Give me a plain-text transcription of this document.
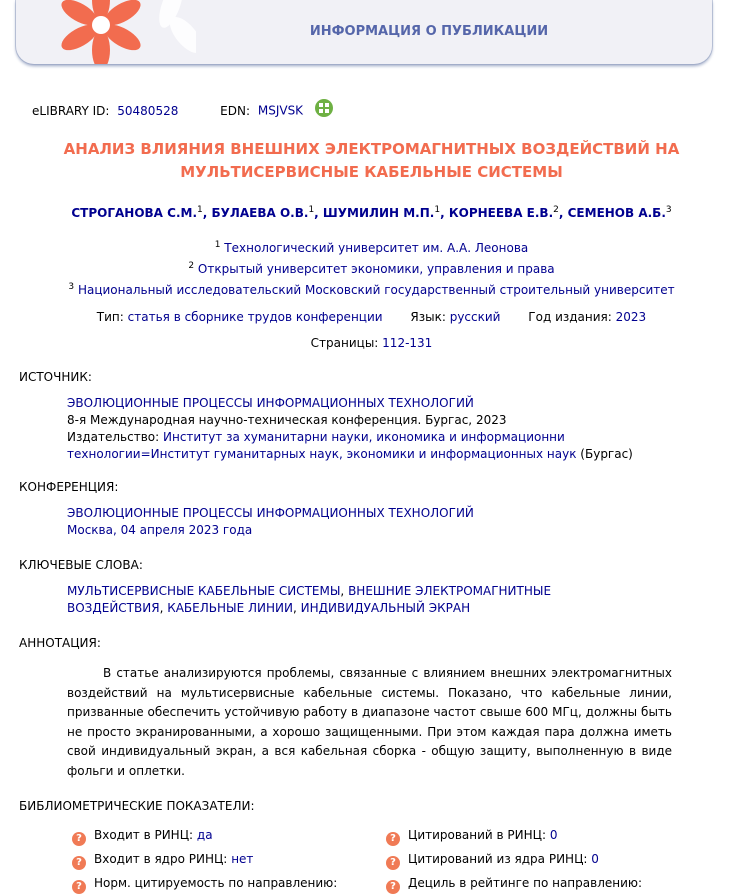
ИНФОРМАЦИЯ О ПУБЛИКАЦИИ
eLIBRARY ID: 50480528	EDN: MSJVSK
АНАЛИЗ ВЛИЯНИЯ ВНЕШНИХ ЭЛЕКТРОМАГНИТНЫХ ВОЗДЕЙСТВИЙ НА
МУЛЬТИСЕРВИСНЫЕ КАБЕЛЬНЫЕ СИСТЕМЫ
СТРОГАНОВА С.М.$^1$, БУЛАЕВА О.В.$^1$, ШУМИЛИН М.П.$^1$, КОРНЕЕВА Е.В.$^2$, СЕМЕНОВ А.Б.$^3$
$^1$ Технологический университет им. А.А. Леонова
$^2$ Открытый университет экономики, управления и права
$^3$ Национальный исследовательский Московский государственный строительный университет
Тип: статья в сборнике трудов конференции Язык: русский Год издания: 2023
Страницы: 112-131
ИСТОЧНИК:
ЭВОЛЮЦИОННЫЕ ПРОЦЕССЫ ИНФОРМАЦИОННЫХ ТЕХНОЛОГИЙ
8-я Международная научно-техническая конференция. Бургас, 2023
Издательство: Институт за хуманитарни науки, икономика и информационни технологии=Институт гуманитарных наук, экономики и информационных наук (Бургас)
КОНФЕРЕНЦИЯ:
ЭВОЛЮЦИОННЫЕ ПРОЦЕССЫ ИНФОРМАЦИОННЫХ ТЕХНОЛОГИЙ
Москва, 04 апреля 2023 года
КЛЮЧЕВЫЕ СЛОВА:
МУЛЬТИСЕРВИСНЫЕ КАБЕЛЬНЫЕ СИСТЕМЫ, ВНЕШНИЕ ЭЛЕКТРОМАГНИТНЫЕ ВОЗДЕЙСТВИЯ, КАБЕЛЬНЫЕ ЛИНИИ, ИНДИВИДУАЛЬНЫЙ ЭКРАН
АННОТАЦИЯ:
В статье анализируются проблемы, связанные с влиянием внешних электромагнитных воздействий на мультисервисные кабельные системы. Показано, что кабельные линии, призванные обеспечить устойчивую работу в диапазоне частот свыше 600 МГц, должны быть не просто экранированными, а хорошо защищенными. При этом каждая пара должна иметь свой индивидуальный экран, а вся кабельная сборка - общую защиту, выполненную в виде фольги и оплетки.
БИБЛИОМЕТРИЧЕСКИЕ ПОКАЗАТЕЛИ:
? Входит в РИНЦ: да
? Входит в ядро РИНЦ: нет
? Норм. цитируемость по направлению:
? Цитирований в РИНЦ: 0
? Цитирований из ядра РИНЦ: 0
? Дециль в рейтинге по направлению:
